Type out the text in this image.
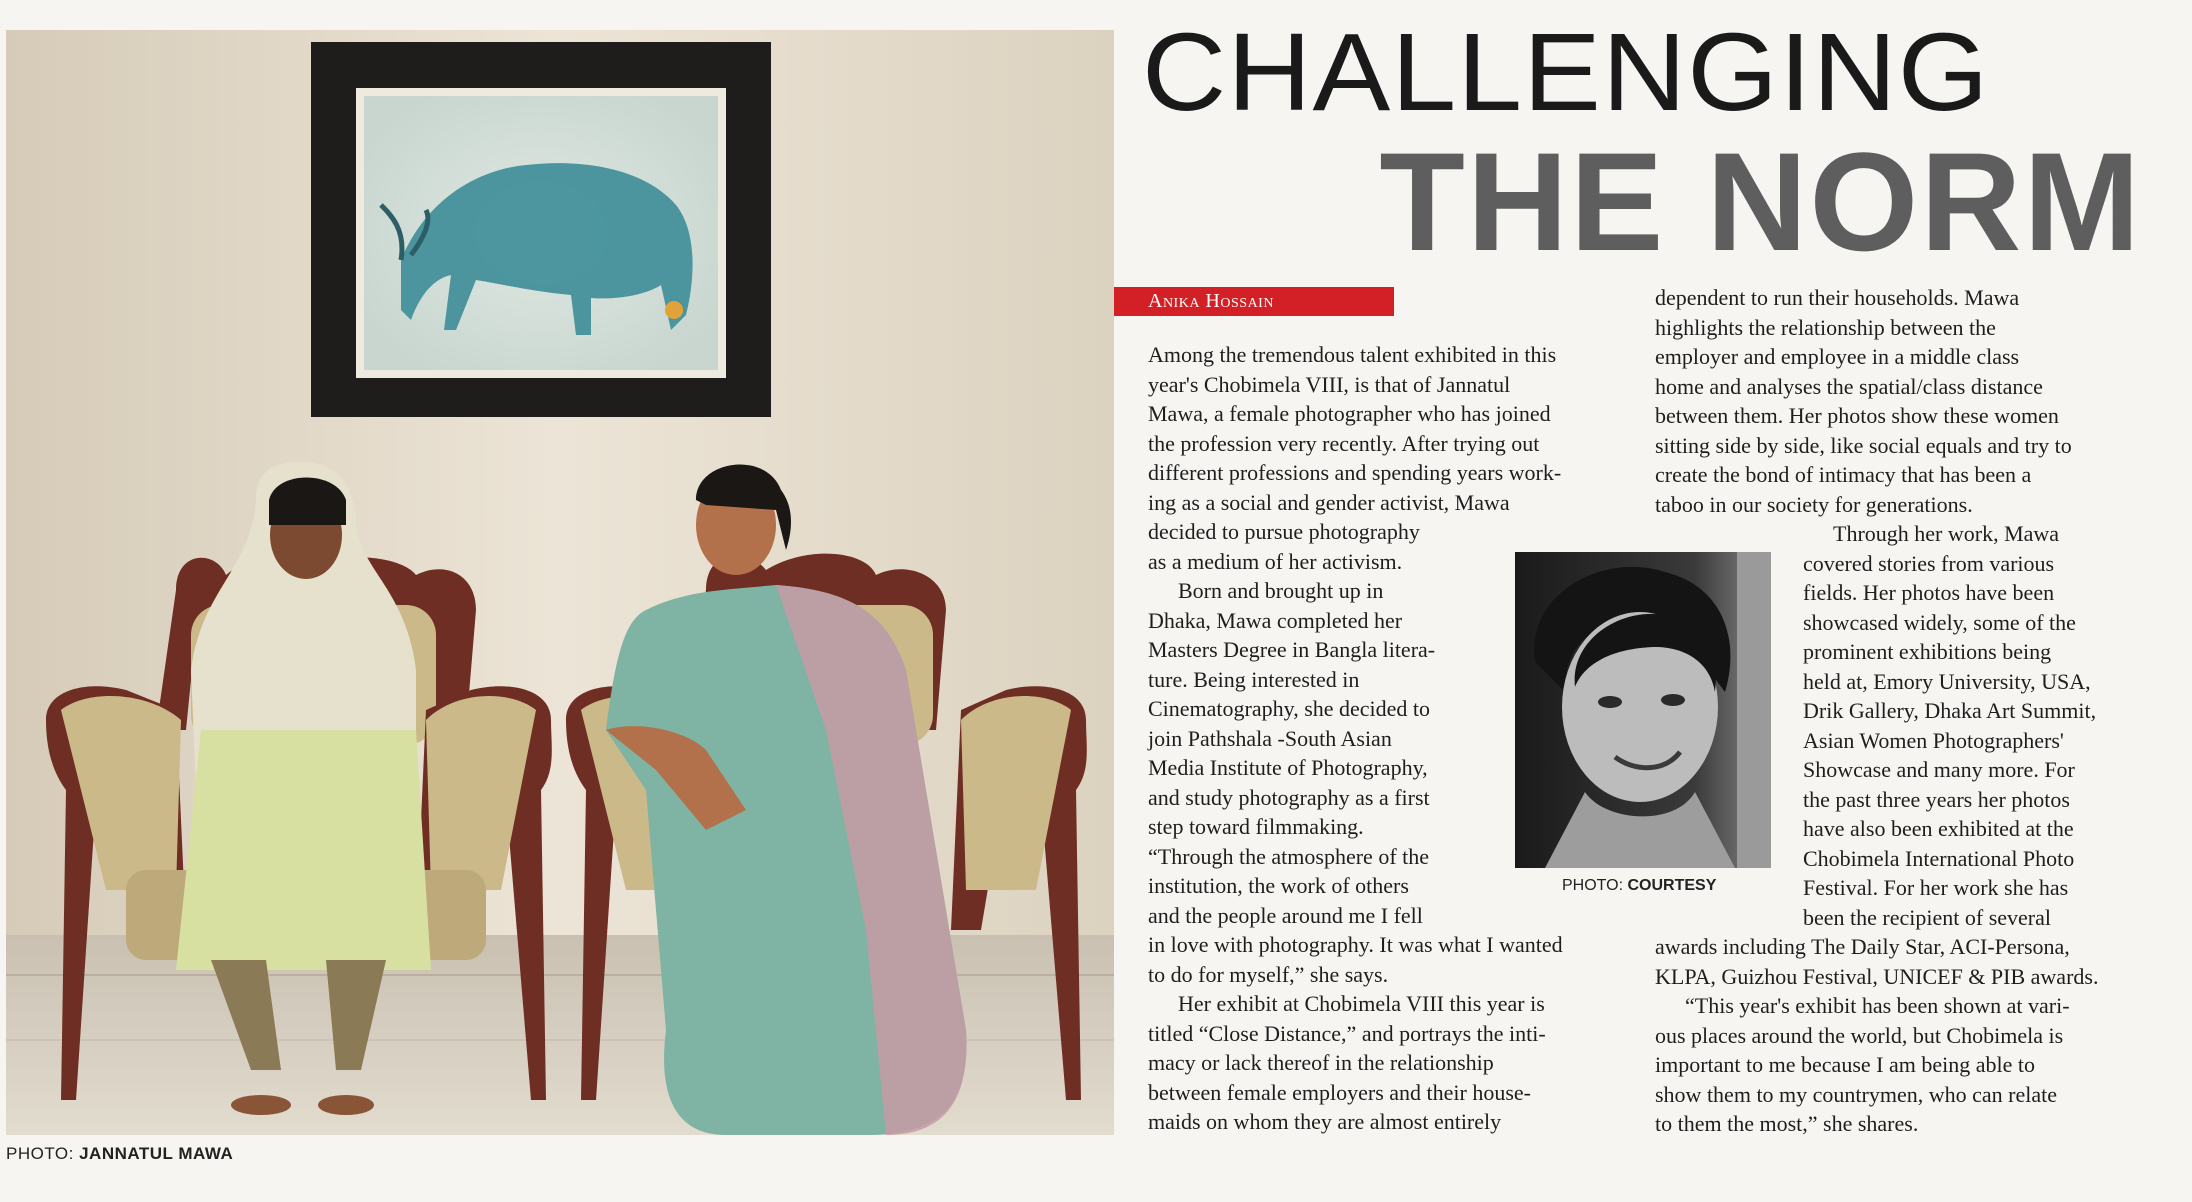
PHOTO: JANNATUL MAWA
CHALLENGING
THE NORM
Anika Hossain
Among the tremendous talent exhibited in this
year's Chobimela VIII, is that of Jannatul
Mawa, a female photographer who has joined
the profession very recently. After trying out
different professions and spending years work-
ing as a social and gender activist, Mawa
decided to pursue photography
as a medium of her activism.
Born and brought up in
Dhaka, Mawa completed her
Masters Degree in Bangla litera-
ture. Being interested in
Cinematography, she decided to
join Pathshala -South Asian
Media Institute of Photography,
and study photography as a first
step toward filmmaking.
“Through the atmosphere of the
institution, the work of others
and the people around me I fell
in love with photography. It was what I wanted
to do for myself,” she says.
Her exhibit at Chobimela VIII this year is
titled “Close Distance,” and portrays the inti-
macy or lack thereof in the relationship
between female employers and their house-
maids on whom they are almost entirely
PHOTO: COURTESY
dependent to run their households. Mawa
highlights the relationship between the
employer and employee in a middle class
home and analyses the spatial/class distance
between them. Her photos show these women
sitting side by side, like social equals and try to
create the bond of intimacy that has been a
taboo in our society for generations.
Through her work, Mawa
covered stories from various
fields. Her photos have been
showcased widely, some of the
prominent exhibitions being
held at, Emory University, USA,
Drik Gallery, Dhaka Art Summit,
Asian Women Photographers'
Showcase and many more. For
the past three years her photos
have also been exhibited at the
Chobimela International Photo
Festival. For her work she has
been the recipient of several
awards including The Daily Star, ACI-Persona,
KLPA, Guizhou Festival, UNICEF & PIB awards.
“This year's exhibit has been shown at vari-
ous places around the world, but Chobimela is
important to me because I am being able to
show them to my countrymen, who can relate
to them the most,” she shares.
